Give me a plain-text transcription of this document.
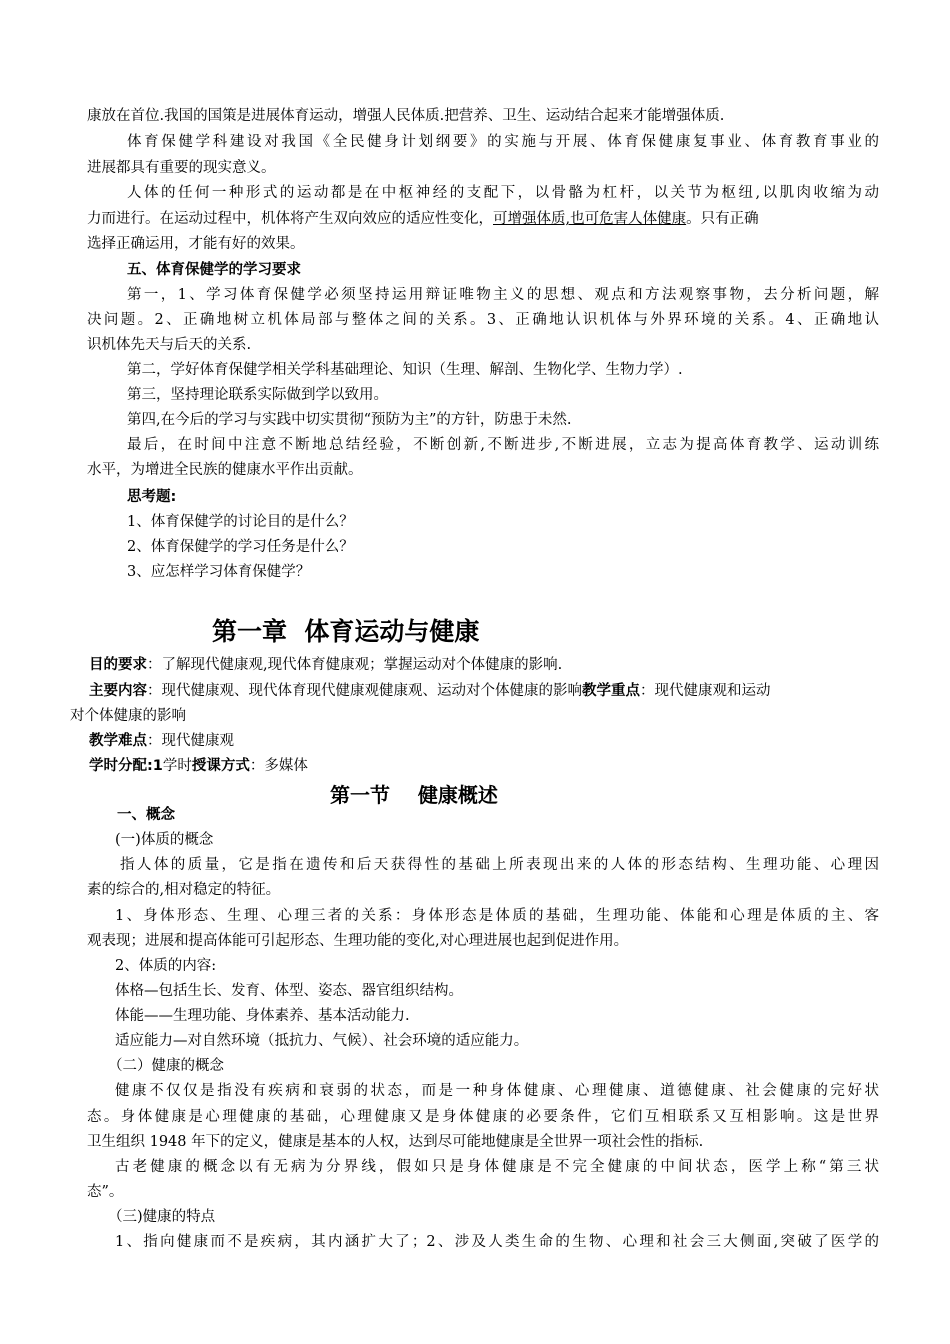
康放在首位.我国的国策是进展体育运动，增强人民体质.把营养、卫生、运动结合起来才能增强体质.
体育保健学科建设对我国《全民健身计划纲要》的实施与开展、体育保健康复事业、体育教育事业的
进展都具有重要的现实意义。
人体的任何一种形式的运动都是在中枢神经的支配下，以骨骼为杠杆，以关节为枢纽,以肌肉收缩为动
力而进行。在运动过程中，机体将产生双向效应的适应性变化，可增强体质,也可危害人体健康。只有正确
选择正确运用，才能有好的效果。
五、体育保健学的学习要求
第一，1、学习体育保健学必须坚持运用辩证唯物主义的思想、观点和方法观察事物，去分析问题，解
决问题。2、正确地树立机体局部与整体之间的关系。3、正确地认识机体与外界环境的关系。4、正确地认
识机体先天与后天的关系.
第二，学好体育保健学相关学科基础理论、知识（生理、解剖、生物化学、生物力学）.
第三，坚持理论联系实际做到学以致用。
第四,在今后的学习与实践中切实贯彻“预防为主”的方针，防患于未然.
最后，在时间中注意不断地总结经验，不断创新,不断进步,不断进展，立志为提高体育教学、运动训练
水平，为增进全民族的健康水平作出贡献。
思考题:
1、体育保健学的讨论目的是什么？
2、体育保健学的学习任务是什么？
3、应怎样学习体育保健学？
第一章  体育运动与健康
目的要求：了解现代健康观,现代体育健康观；掌握运动对个体健康的影响.
主要内容：现代健康观、现代体育现代健康观健康观、运动对个体健康的影响教学重点：现代健康观和运动
对个体健康的影响
教学难点：现代健康观
学时分配:1学时授课方式：多媒体
第一节    健康概述
一、概念
(一)体质的概念
指人体的质量，它是指在遗传和后天获得性的基础上所表现出来的人体的形态结构、生理功能、心理因
素的综合的,相对稳定的特征。
1、身体形态、生理、心理三者的关系：身体形态是体质的基础，生理功能、体能和心理是体质的主、客
观表现；进展和提高体能可引起形态、生理功能的变化,对心理进展也起到促进作用。
2、体质的内容:
体格—包括生长、发育、体型、姿态、器官组织结构。
体能——生理功能、身体素养、基本活动能力.
适应能力—对自然环境（抵抗力、气候）、社会环境的适应能力。
（二）健康的概念
健康不仅仅是指没有疾病和衰弱的状态，而是一种身体健康、心理健康、道德健康、社会健康的完好状
态。身体健康是心理健康的基础，心理健康又是身体健康的必要条件，它们互相联系又互相影响。这是世界
卫生组织 1948 年下的定义，健康是基本的人权，达到尽可能地健康是全世界一项社会性的指标.
古老健康的概念以有无病为分界线，假如只是身体健康是不完全健康的中间状态，医学上称“第三状
态”。
（三)健康的特点
1、指向健康而不是疾病，其内涵扩大了；2、涉及人类生命的生物、心理和社会三大侧面,突破了医学的
